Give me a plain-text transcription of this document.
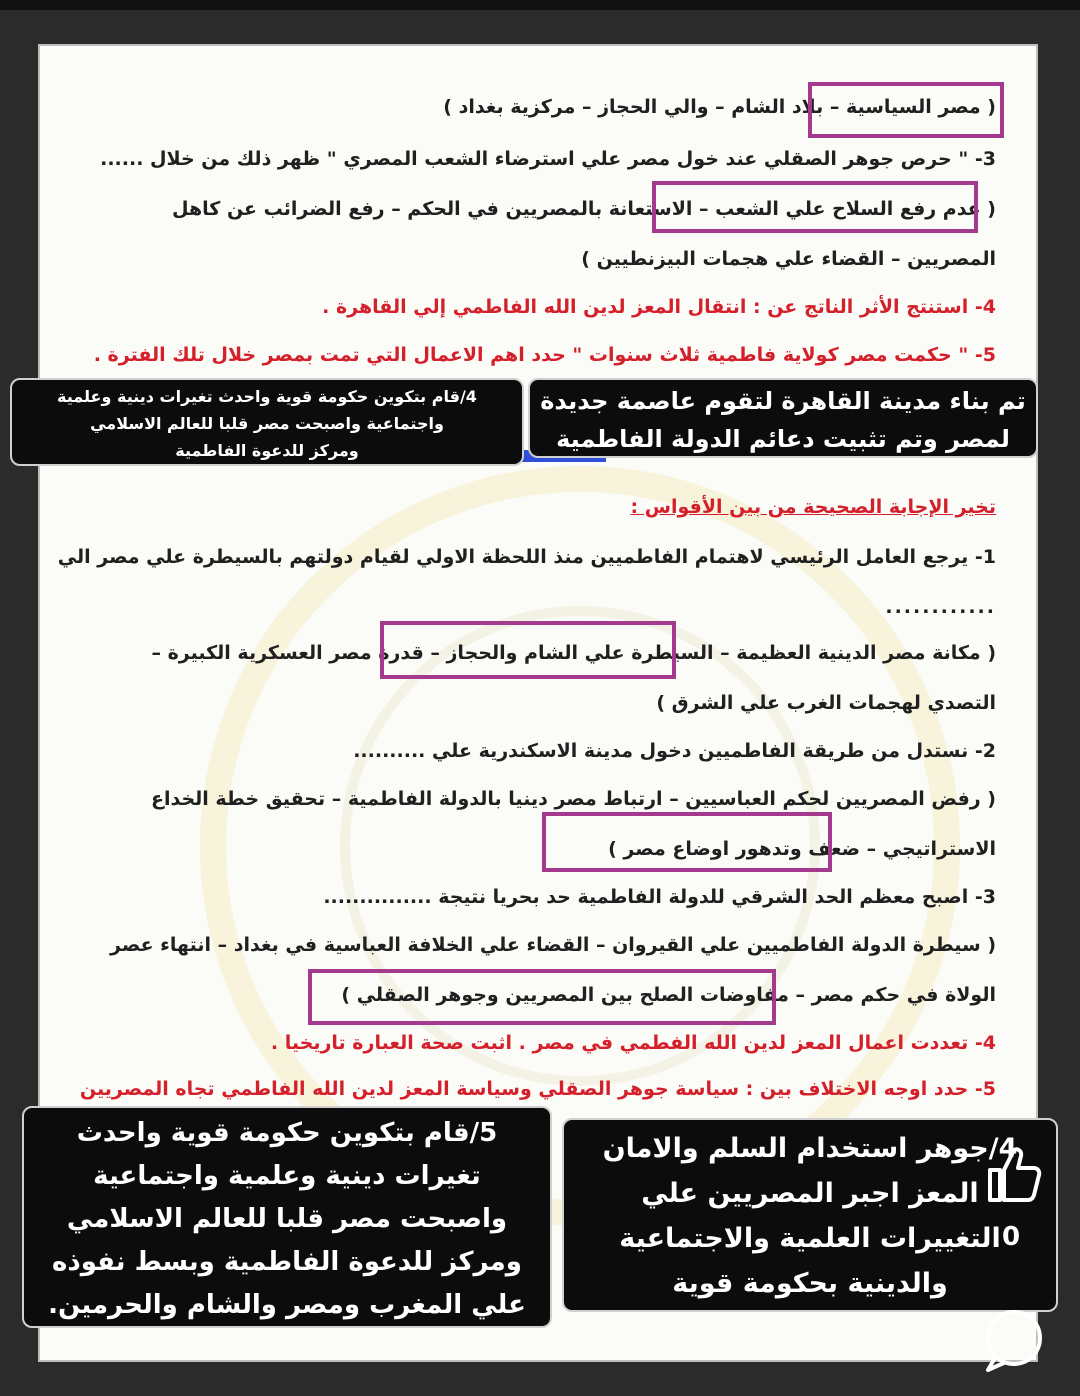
( مصر السياسية – بلاد الشام – والي الحجاز – مركزية بغداد )
3- " حرص جوهر الصقلي عند خول مصر علي استرضاء الشعب المصري " ظهر ذلك من خلال ......
( عدم رفع السلاح علي الشعب – الاستعانة بالمصريين في الحكم – رفع الضرائب عن كاهل
المصريين – القضاء علي هجمات البيزنطيين )
4- استنتج الأثر الناتج عن : انتقال المعز لدين الله الفاطمي إلي القاهرة .
5- " حكمت مصر كولاية فاطمية ثلاث سنوات " حدد اهم الاعمال التي تمت بمصر خلال تلك الفترة .
تخير الإجابة الصحيحة من بين الأقواس :
1- يرجع العامل الرئيسي لاهتمام الفاطميين منذ اللحظة الاولي لقيام دولتهم بالسيطرة علي مصر الي
............
( مكانة مصر الدينية العظيمة – السيطرة علي الشام والحجاز – قدرة مصر العسكرية الكبيرة –
التصدي لهجمات الغرب علي الشرق )
2- نستدل من طريقة الفاطميين دخول مدينة الاسكندرية علي ..........
( رفض المصريين لحكم العباسيين – ارتباط مصر دينيا بالدولة الفاطمية – تحقيق خطة الخداع
الاستراتيجي – ضعف وتدهور اوضاع مصر )
3- اصبح معظم الحد الشرقي للدولة الفاطمية حد بحريا نتيجة ...............
( سيطرة الدولة الفاطميين علي القيروان – القضاء علي الخلافة العباسية في بغداد – انتهاء عصر
الولاة في حكم مصر – مفاوضات الصلح بين المصريين وجوهر الصقلي )
4- تعددت اعمال المعز لدين الله الفطمي في مصر . اثبت صحة العبارة تاريخيا .
5- حدد اوجه الاختلاف بين : سياسة جوهر الصقلي وسياسة المعز لدين الله الفاطمي تجاه المصريين
تم بناء مدينة القاهرة لتقوم عاصمة جديدة
لمصر وتم تثبيت دعائم الدولة الفاطمية
4/قام بتكوين حكومة قوية واحدث تغيرات دينية وعلمية
واجتماعية واصبحت مصر قلبا للعالم الاسلامي
ومركز للدعوة الفاطمية
5/قام بتكوين حكومة قوية واحدث
تغيرات دينية وعلمية واجتماعية
واصبحت مصر قلبا للعالم الاسلامي
ومركز للدعوة الفاطمية وبسط نفوذه
علي المغرب ومصر والشام والحرمين.
4/جوهر استخدام السلم والامان
المعز اجبر المصريين علي
التغييرات العلمية والاجتماعية
والدينية بحكومة قوية
0
